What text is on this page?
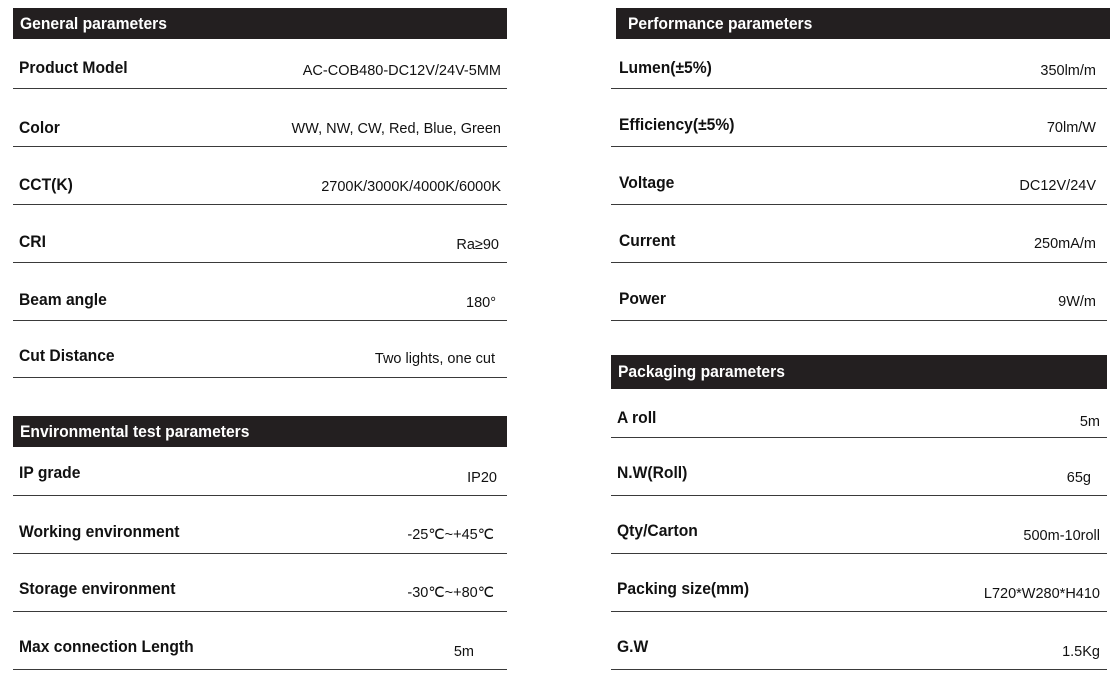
General parameters
Product Model	AC-COB480-DC12V/24V-5MM
Color	WW, NW, CW, Red, Blue, Green
CCT(K)	2700K/3000K/4000K/6000K
CRI	Ra≥90
Beam angle	180°
Cut Distance	Two lights, one cut
Environmental test parameters
IP grade	IP20
Working environment	-25℃~+45℃
Storage environment	-30℃~+80℃
Max connection Length	5m
Performance parameters
Lumen(±5%)	350lm/m
Efficiency(±5%)	70lm/W
Voltage	DC12V/24V
Current	250mA/m
Power	9W/m
Packaging parameters
A roll	5m
N.W(Roll)	65g
Qty/Carton	500m-10roll
Packing size(mm)	L720*W280*H410
G.W	1.5Kg
